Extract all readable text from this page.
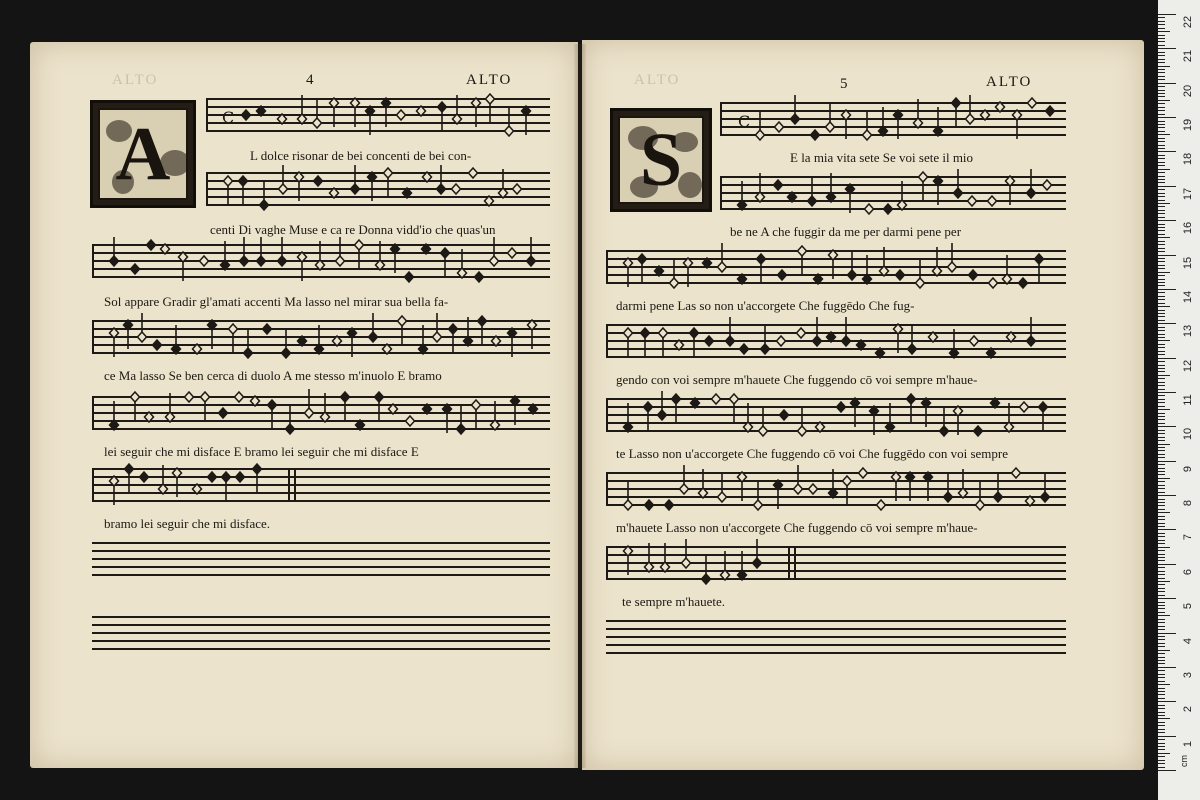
ALTO	4	ALTO
A	C
L dolce risonar de bei concenti de bei con-
centi Di vaghe Muse e ca re Donna vidd'io che quas'un
Sol appare Gradir gl'amati accenti Ma lasso nel mirar sua bella fa-
ce Ma lasso Se ben cerca di duolo A me stesso m'inuolo E bramo
lei seguir che mi disface E bramo lei seguir che mi disface E
bramo lei seguir che mi disface.
ALTO	5	ALTO
S	C
E la mia vita sete Se voi sete il mio
be ne A che fuggir da me per darmi pene per
darmi pene Las so non u'accorgete Che fuggēdo Che fug-
gendo con voi sempre m'hauete Che fuggendo cō voi sempre m'haue-
te Lasso non u'accorgete Che fuggendo cō voi Che fuggēdo con voi sempre
m'hauete Lasso non u'accorgete Che fuggendo cō voi sempre m'haue-
te sempre m'hauete.
cm
22
21
20
19
18
17
16
15
14
13
12
11
10
9
8
7
6
5
4
3
2
1
